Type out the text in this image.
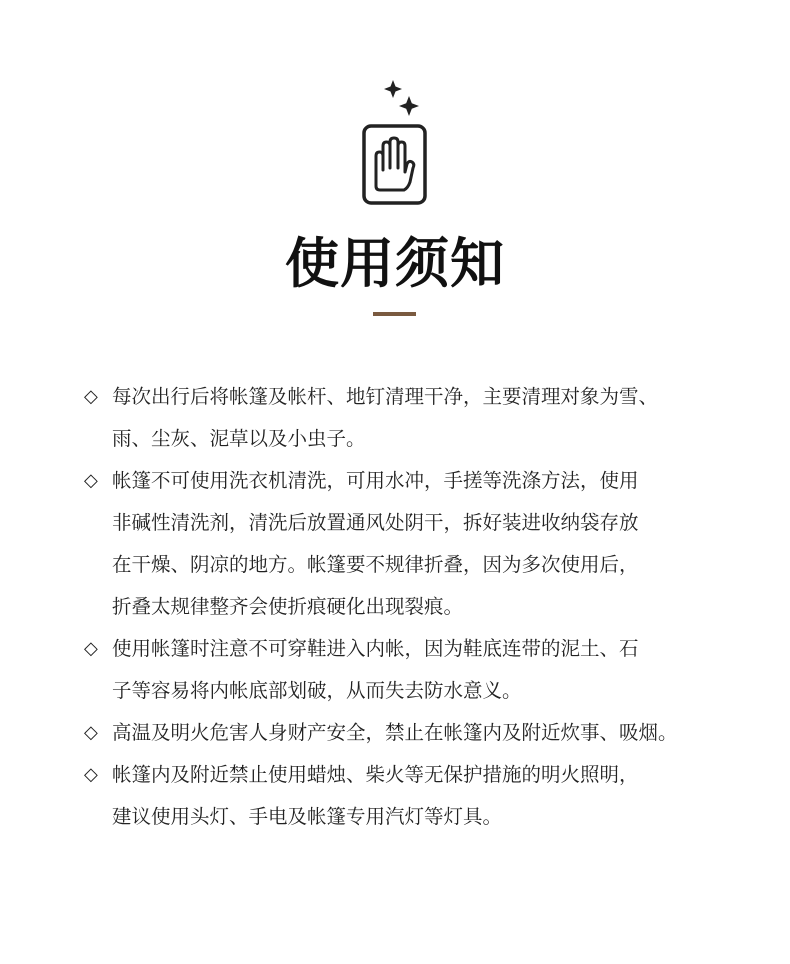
使用须知
◇ 每次出行后将帐篷及帐杆、地钉清理干净，主要清理对象为雪、
雨、尘灰、泥草以及小虫子。
◇ 帐篷不可使用洗衣机清洗，可用水冲，手搓等洗涤方法，使用
非碱性清洗剂，清洗后放置通风处阴干，拆好装进收纳袋存放
在干燥、阴凉的地方。帐篷要不规律折叠，因为多次使用后，
折叠太规律整齐会使折痕硬化出现裂痕。
◇ 使用帐篷时注意不可穿鞋进入内帐，因为鞋底连带的泥土、石
子等容易将内帐底部划破，从而失去防水意义。
◇ 高温及明火危害人身财产安全，禁止在帐篷内及附近炊事、吸烟。
◇ 帐篷内及附近禁止使用蜡烛、柴火等无保护措施的明火照明，
建议使用头灯、手电及帐篷专用汽灯等灯具。
